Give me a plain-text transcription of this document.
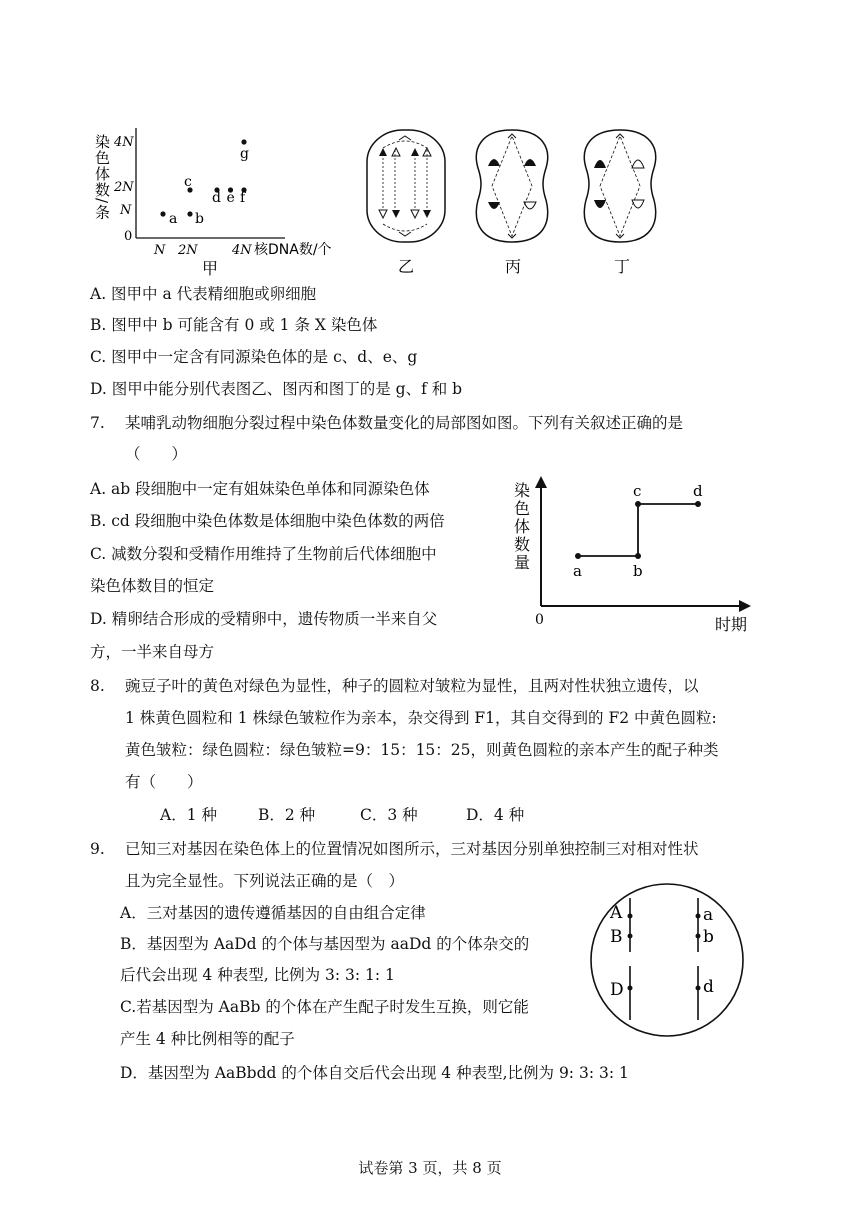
染色体数/条 4N
2N
N
0
N 2N	4N 核DNA数/个
a b
c
d e f
g
甲	乙	丙	丁
A. 图甲中 a 代表精细胞或卵细胞
B. 图甲中 b 可能含有 0 或 1 条 X 染色体
C. 图甲中一定含有同源染色体的是 c、d、e、g
D. 图甲中能分别代表图乙、图丙和图丁的是 g、f 和 b
7. 某哺乳动物细胞分裂过程中染色体数量变化的局部图如图。下列有关叙述正确的是
（　　）
A. ab 段细胞中一定有姐妹染色单体和同源染色体
B. cd 段细胞中染色体数是体细胞中染色体数的两倍
C. 减数分裂和受精作用维持了生物前后代体细胞中
染色体数目的恒定
D. 精卵结合形成的受精卵中，遗传物质一半来自父
方，一半来自母方
染色体数量
0	时期
a	b
c	d
8. 豌豆子叶的黄色对绿色为显性，种子的圆粒对皱粒为显性，且两对性状独立遗传，以
1 株黄色圆粒和 1 株绿色皱粒作为亲本，杂交得到 F1，其自交得到的 F2 中黄色圆粒:
黄色皱粒：绿色圆粒：绿色皱粒=9：15：15：25，则黄色圆粒的亲本产生的配子种类
有（　　）
A．1 种	B．2 种	C．3 种	D．4 种
9. 已知三对基因在染色体上的位置情况如图所示，三对基因分别单独控制三对相对性状
且为完全显性。下列说法正确的是（　）
A．三对基因的遗传遵循基因的自由组合定律
B．基因型为 AaDd 的个体与基因型为 aaDd 的个体杂交的
后代会出现 4 种表型, 比例为 3: 3: 1: 1
C.若基因型为 AaBb 的个体在产生配子时发生互换，则它能
产生 4 种比例相等的配子
D．基因型为 AaBbdd 的个体自交后代会出现 4 种表型,比例为 9: 3: 3: 1
A
B
D
a
b
d
试卷第 3 页，共 8 页
